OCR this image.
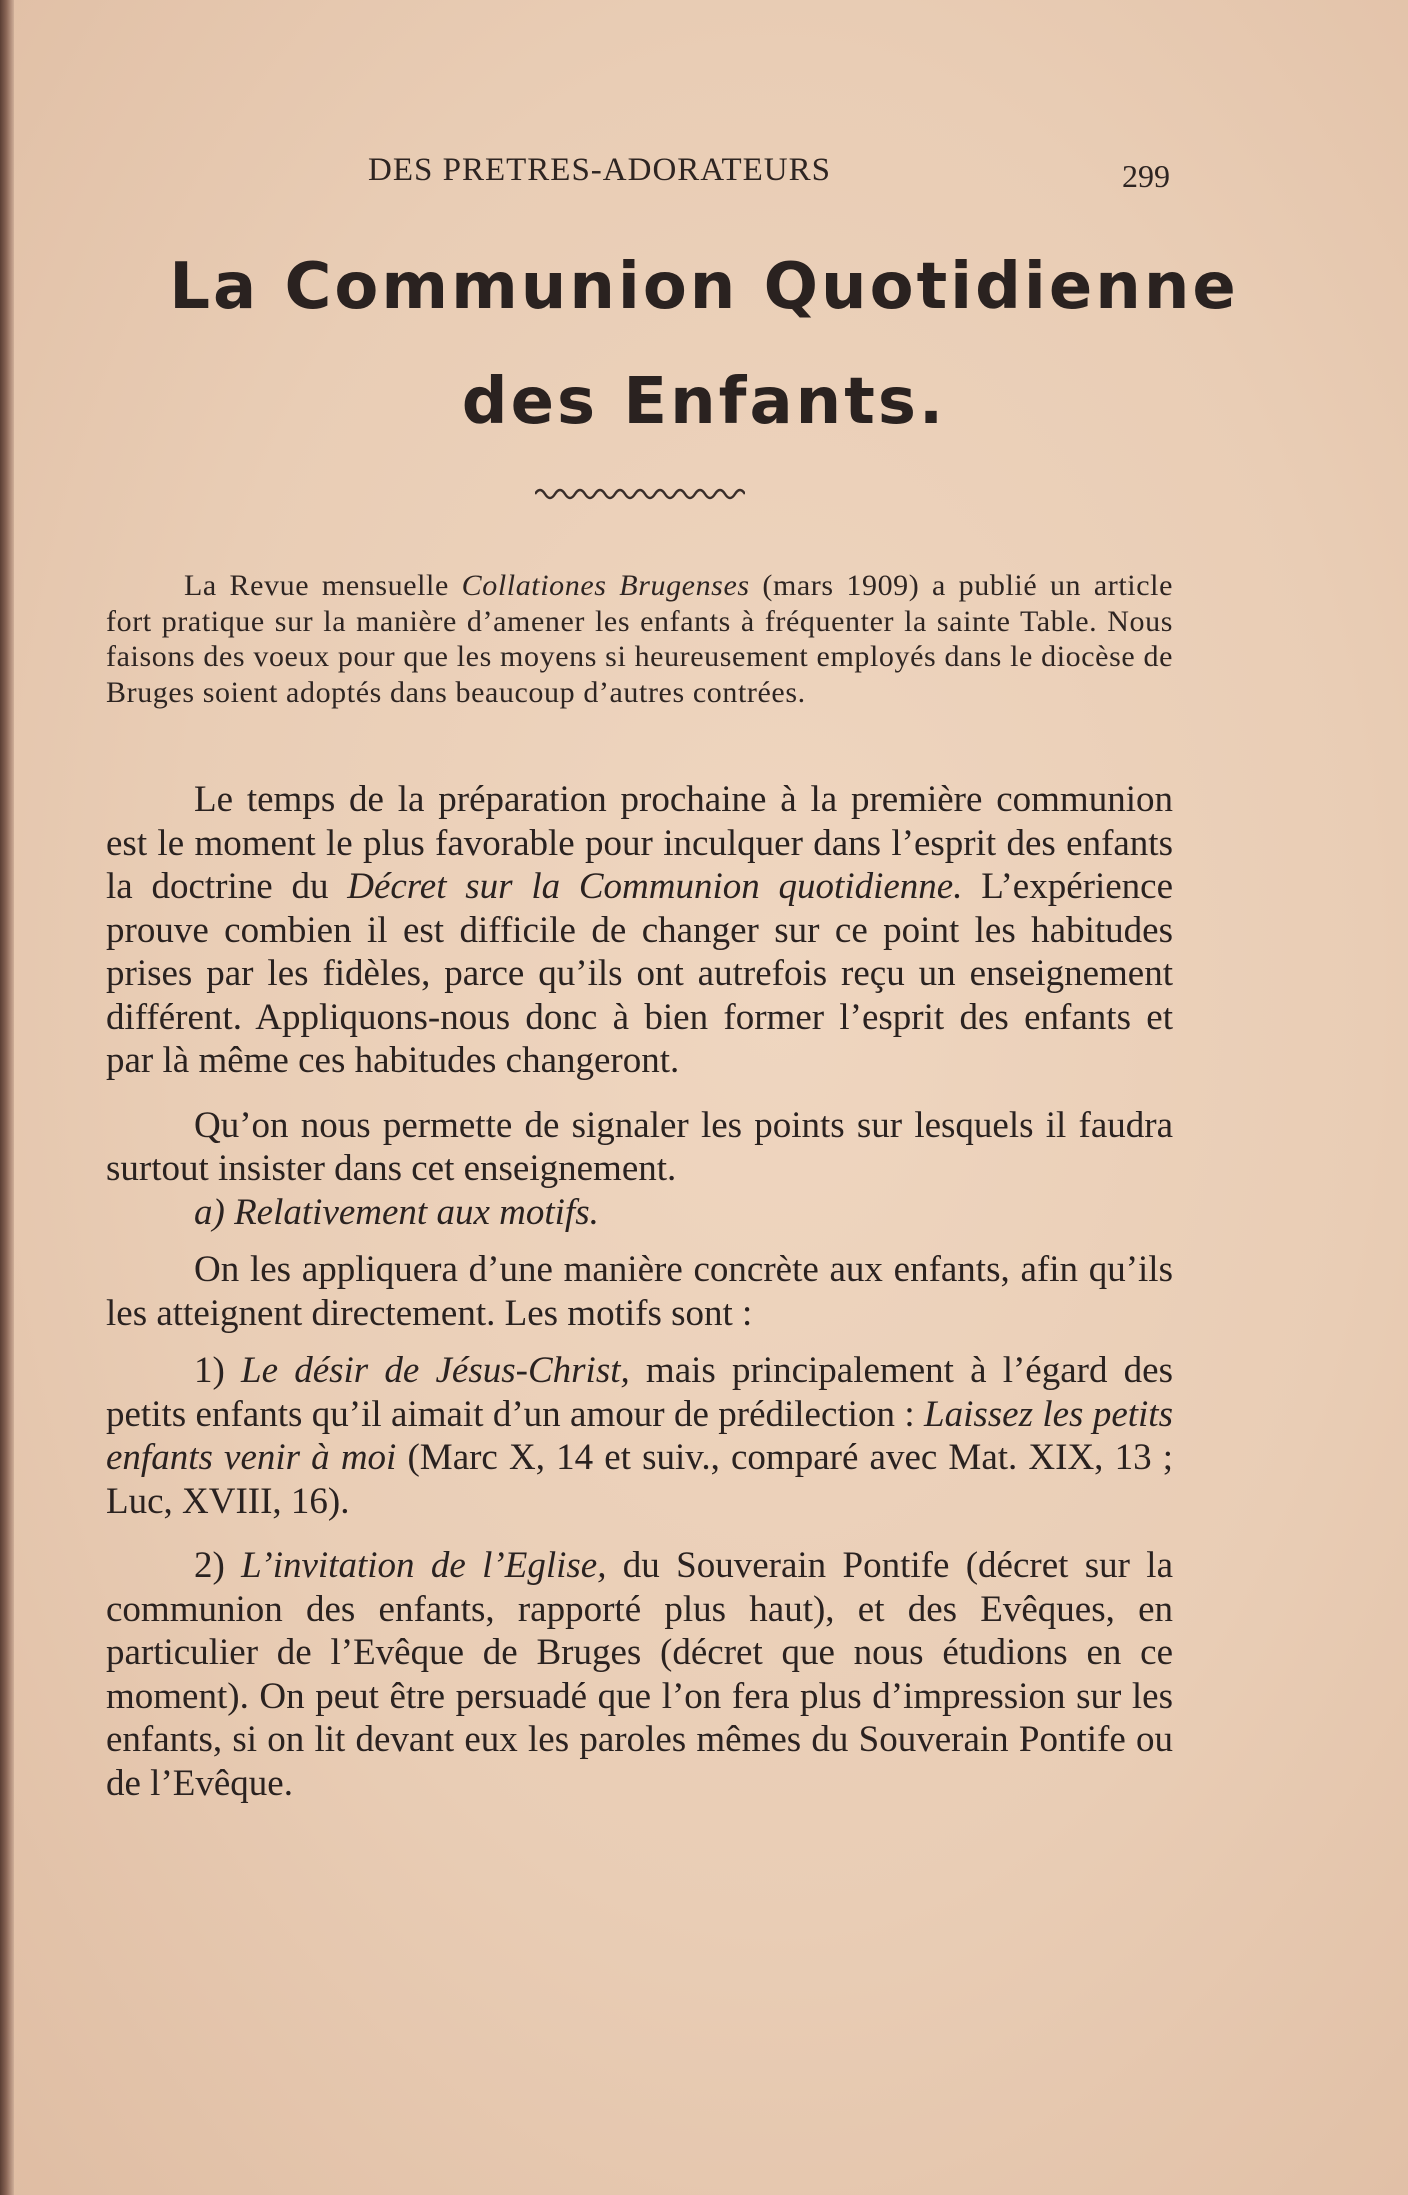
DES PRETRES-ADORATEURS	299
La Communion Quotidienne
des Enfants.

La Revue mensuelle Collationes Brugenses (mars 1909) a publié un article fort pratique sur la manière d’amener les enfants à fréquenter la sainte Table. Nous faisons des voeux pour que les moyens si heureusement employés dans le diocèse de Bruges soient adoptés dans beaucoup d’autres contrées.

Le temps de la préparation prochaine à la première communion est le moment le plus favorable pour inculquer dans l’esprit des enfants la doctrine du Décret sur la Communion quotidienne. L’expérience prouve combien il est difficile de changer sur ce point les habitudes prises par les fidèles, parce qu’ils ont autrefois reçu un enseignement différent. Appliquons-nous donc à bien former l’esprit des enfants et par là même ces habitudes changeront.

Qu’on nous permette de signaler les points sur lesquels il faudra surtout insister dans cet enseignement.

a) Relativement aux motifs.

On les appliquera d’une manière concrète aux enfants, afin qu’ils les atteignent directement. Les motifs sont :

1) Le désir de Jésus-Christ, mais principalement à l’égard des petits enfants qu’il aimait d’un amour de prédilection : Laissez les petits enfants venir à moi (Marc X, 14 et suiv., comparé avec Mat. XIX, 13 ; Luc, XVIII, 16).

2) L’invitation de l’Eglise, du Souverain Pontife (décret sur la communion des enfants, rapporté plus haut), et des Evêques, en particulier de l’Evêque de Bruges (décret que nous étudions en ce moment). On peut être persuadé que l’on fera plus d’impression sur les enfants, si on lit devant eux les paroles mêmes du Souverain Pontife ou de l’Evêque.
